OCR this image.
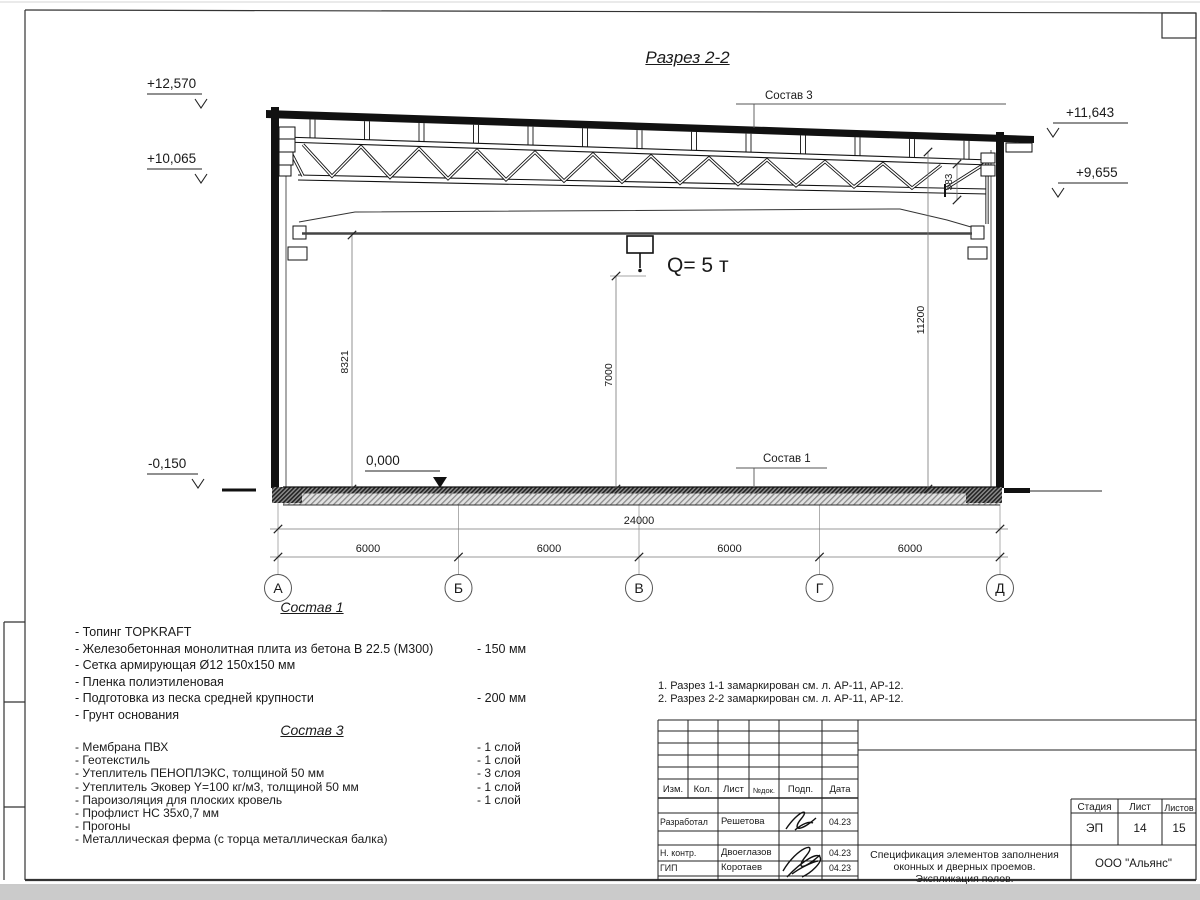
А	Б	В	Г	Д
+12,570
+10,065
+11,643
+9,655
-0,150	0,000
8321
7000
11200
583
24000
6000	6000	6000	6000
Состав 3
Состав 1
Q= 5 т
Разрез 2-2
Состав 1
- Топинг TOPKRAFT
- Железобетонная монолитная плита из бетона В 22.5 (М300)	- 150 мм
- Сетка армирующая Ø12 150x150 мм
- Пленка полиэтиленовая
- Подготовка из песка средней крупности	- 200 мм
- Грунт основания
Состав 3
- Мембрана ПВХ	- 1 слой
- Геотекстиль	- 1 слой
- Утеплитель ПЕНОПЛЭКС, толщиной 50 мм	- 3 слоя
- Утеплитель Эковер Y=100 кг/м3, толщиной 50 мм	- 1 слой
- Пароизоляция для плоских кровель	- 1 слой
- Профлист НС 35x0,7 мм
- Прогоны
- Металлическая ферма (с торца металлическая балка)
1. Разрез 1-1 замаркирован см. л. АР-11, АР-12.
2. Разрез 2-2 замаркирован см. л. АР-11, АР-12.
Изм.	Кол.	Лист	№док.	Подп.	Дата
Разработал Решетова	04.23
Н. контр.	Двоеглазов	04.23
ГИП	Коротаев	04.23
Стадия	Лист	Листов
ЭП	14	15
Спецификация элементов заполнения
оконных и дверных проемов.
Экспликация полов.
ООО "Альянс"
